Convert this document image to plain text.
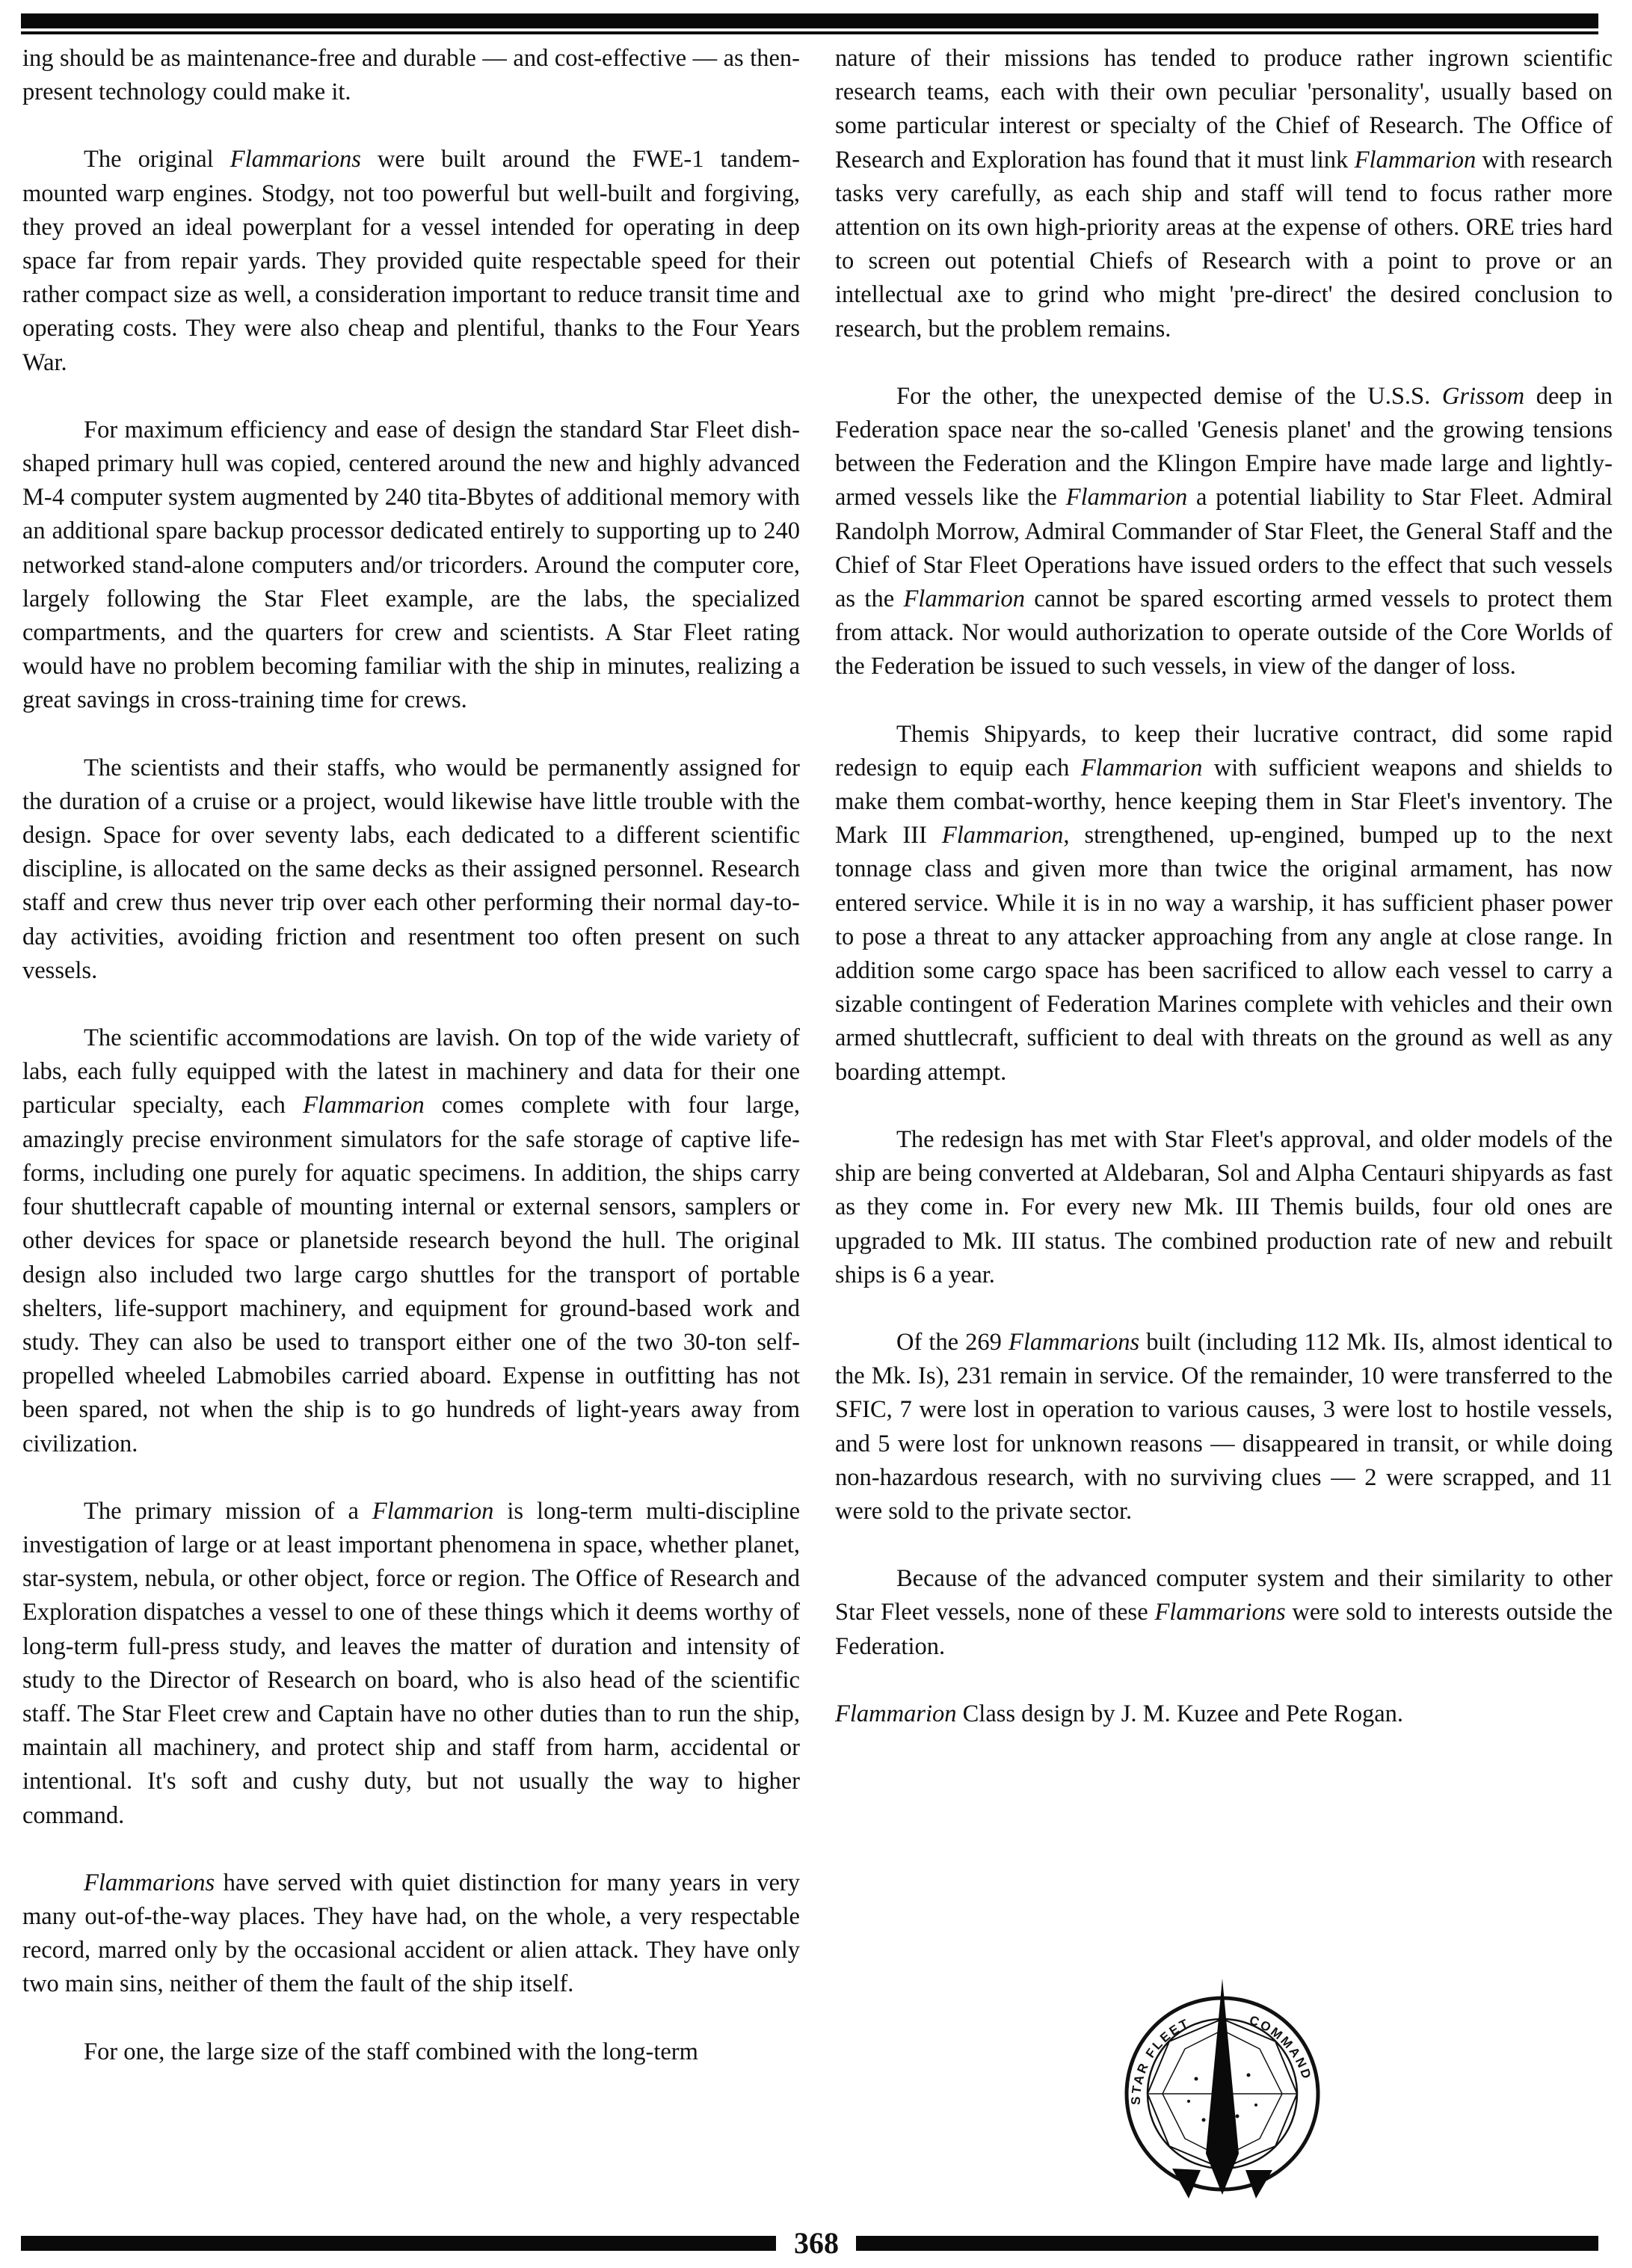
ing should be as maintenance-free and durable — and cost-effective — as then-present technology could make it.

The original Flammarions were built around the FWE-1 tandem-mounted warp engines. Stodgy, not too powerful but well-built and forgiving, they proved an ideal powerplant for a vessel intended for operating in deep space far from repair yards. They provided quite respectable speed for their rather compact size as well, a consideration important to reduce transit time and operating costs. They were also cheap and plentiful, thanks to the Four Years War.

For maximum efficiency and ease of design the standard Star Fleet dish-shaped primary hull was copied, centered around the new and highly advanced M-4 computer system augmented by 240 tita-Bbytes of additional memory with an additional spare backup processor dedicated entirely to supporting up to 240 networked stand-alone computers and/or tricorders. Around the computer core, largely following the Star Fleet example, are the labs, the specialized compartments, and the quarters for crew and scientists. A Star Fleet rating would have no problem becoming familiar with the ship in minutes, realizing a great savings in cross-training time for crews.

The scientists and their staffs, who would be permanently assigned for the duration of a cruise or a project, would likewise have little trouble with the design. Space for over seventy labs, each dedicated to a different scientific discipline, is allocated on the same decks as their assigned personnel. Research staff and crew thus never trip over each other performing their normal day-to-day activities, avoiding friction and resentment too often present on such vessels.

The scientific accommodations are lavish. On top of the wide variety of labs, each fully equipped with the latest in machinery and data for their one particular specialty, each Flammarion comes complete with four large, amazingly precise environment simulators for the safe storage of captive life-forms, including one purely for aquatic specimens. In addition, the ships carry four shuttlecraft capable of mounting internal or external sensors, samplers or other devices for space or planetside research beyond the hull. The original design also included two large cargo shuttles for the transport of portable shelters, life-support machinery, and equipment for ground-based work and study. They can also be used to transport either one of the two 30-ton self-propelled wheeled Labmobiles carried aboard. Expense in outfitting has not been spared, not when the ship is to go hundreds of light-years away from civilization.

The primary mission of a Flammarion is long-term multi-discipline investigation of large or at least important phenomena in space, whether planet, star-system, nebula, or other object, force or region. The Office of Research and Exploration dispatches a vessel to one of these things which it deems worthy of long-term full-press study, and leaves the matter of duration and intensity of study to the Director of Research on board, who is also head of the scientific staff. The Star Fleet crew and Captain have no other duties than to run the ship, maintain all machinery, and protect ship and staff from harm, accidental or intentional. It's soft and cushy duty, but not usually the way to higher command.

Flammarions have served with quiet distinction for many years in very many out-of-the-way places. They have had, on the whole, a very respectable record, marred only by the occasional accident or alien attack. They have only two main sins, neither of them the fault of the ship itself.

For one, the large size of the staff combined with the long-term

nature of their missions has tended to produce rather ingrown scientific research teams, each with their own peculiar 'personality', usually based on some particular interest or specialty of the Chief of Research. The Office of Research and Exploration has found that it must link Flammarion with research tasks very carefully, as each ship and staff will tend to focus rather more attention on its own high-priority areas at the expense of others. ORE tries hard to screen out potential Chiefs of Research with a point to prove or an intellectual axe to grind who might 'pre-direct' the desired conclusion to research, but the problem remains.

For the other, the unexpected demise of the U.S.S. Grissom deep in Federation space near the so-called 'Genesis planet' and the growing tensions between the Federation and the Klingon Empire have made large and lightly-armed vessels like the Flammarion a potential liability to Star Fleet. Admiral Randolph Morrow, Admiral Commander of Star Fleet, the General Staff and the Chief of Star Fleet Operations have issued orders to the effect that such vessels as the Flammarion cannot be spared escorting armed vessels to protect them from attack. Nor would authorization to operate outside of the Core Worlds of the Federation be issued to such vessels, in view of the danger of loss.

Themis Shipyards, to keep their lucrative contract, did some rapid redesign to equip each Flammarion with sufficient weapons and shields to make them combat-worthy, hence keeping them in Star Fleet's inventory. The Mark III Flammarion, strengthened, up-engined, bumped up to the next tonnage class and given more than twice the original armament, has now entered service. While it is in no way a warship, it has sufficient phaser power to pose a threat to any attacker approaching from any angle at close range. In addition some cargo space has been sacrificed to allow each vessel to carry a sizable contingent of Federation Marines complete with vehicles and their own armed shuttlecraft, sufficient to deal with threats on the ground as well as any boarding attempt.

The redesign has met with Star Fleet's approval, and older models of the ship are being converted at Aldebaran, Sol and Alpha Centauri shipyards as fast as they come in. For every new Mk. III Themis builds, four old ones are upgraded to Mk. III status. The combined production rate of new and rebuilt ships is 6 a year.

Of the 269 Flammarions built (including 112 Mk. IIs, almost identical to the Mk. Is), 231 remain in service. Of the remainder, 10 were transferred to the SFIC, 7 were lost in operation to various causes, 3 were lost to hostile vessels, and 5 were lost for unknown reasons — disappeared in transit, or while doing non-hazardous research, with no surviving clues — 2 were scrapped, and 11 were sold to the private sector.

Because of the advanced computer system and their similarity to other Star Fleet vessels, none of these Flammarions were sold to interests outside the Federation.

Flammarion Class design by J. M. Kuzee and Pete Rogan.

STAR FLEET	COMMAND
368
